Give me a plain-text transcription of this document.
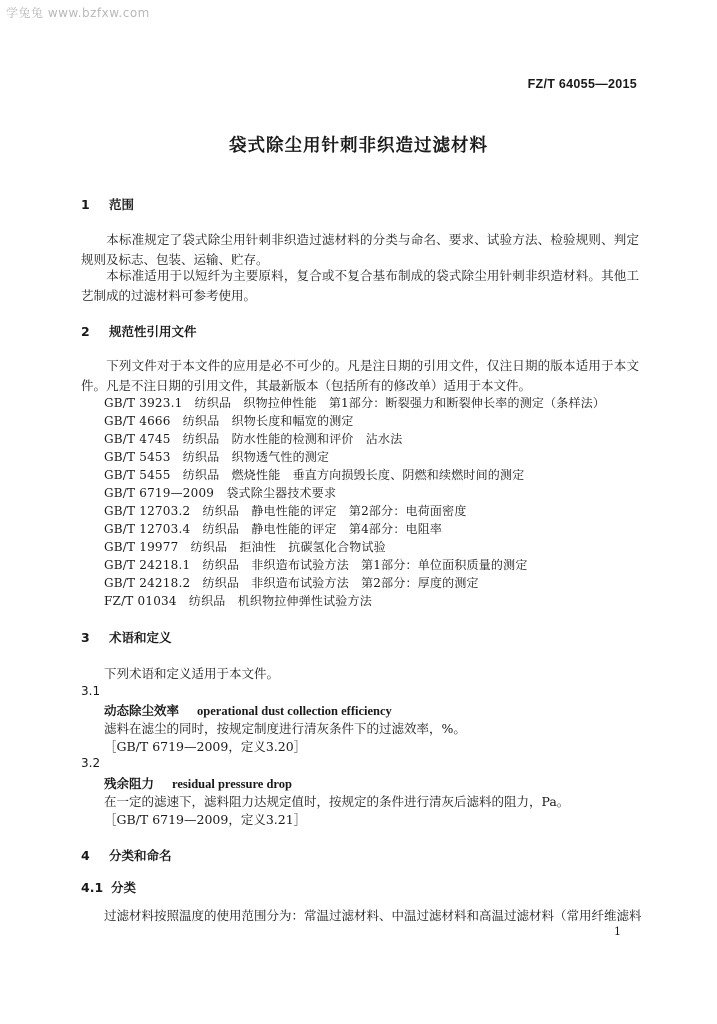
学兔兔 www.bzfxw.com
FZ/T 64055—2015
袋式除尘用针刺非织造过滤材料
1 范围
本标准规定了袋式除尘用针刺非织造过滤材料的分类与命名、要求、试验方法、检验规则、判定规则及标志、包装、运输、贮存。
本标准适用于以短纤为主要原料，复合或不复合基布制成的袋式除尘用针刺非织造材料。其他工艺制成的过滤材料可参考使用。
2 规范性引用文件
下列文件对于本文件的应用是必不可少的。凡是注日期的引用文件，仅注日期的版本适用于本文件。凡是不注日期的引用文件，其最新版本（包括所有的修改单）适用于本文件。
GB/T 3923.1　纺织品　织物拉伸性能　第1部分：断裂强力和断裂伸长率的测定（条样法）
GB/T 4666　纺织品　织物长度和幅宽的测定
GB/T 4745　纺织品　防水性能的检测和评价　沾水法
GB/T 5453　纺织品　织物透气性的测定
GB/T 5455　纺织品　燃烧性能　垂直方向损毁长度、阴燃和续燃时间的测定
GB/T 6719—2009　袋式除尘器技术要求
GB/T 12703.2　纺织品　静电性能的评定　第2部分：电荷面密度
GB/T 12703.4　纺织品　静电性能的评定　第4部分：电阻率
GB/T 19977　纺织品　拒油性　抗碳氢化合物试验
GB/T 24218.1　纺织品　非织造布试验方法　第1部分：单位面积质量的测定
GB/T 24218.2　纺织品　非织造布试验方法　第2部分：厚度的测定
FZ/T 01034　纺织品　机织物拉伸弹性试验方法
3 术语和定义
下列术语和定义适用于本文件。
3.1
动态除尘效率 operational dust collection efficiency
滤料在滤尘的同时，按规定制度进行清灰条件下的过滤效率，%。
［GB/T 6719—2009，定义3.20］
3.2
残余阻力 residual pressure drop
在一定的滤速下，滤料阻力达规定值时，按规定的条件进行清灰后滤料的阻力，Pa。
［GB/T 6719—2009，定义3.21］
4 分类和命名
4.1 分类
过滤材料按照温度的使用范围分为：常温过滤材料、中温过滤材料和高温过滤材料（常用纤维滤料
1
